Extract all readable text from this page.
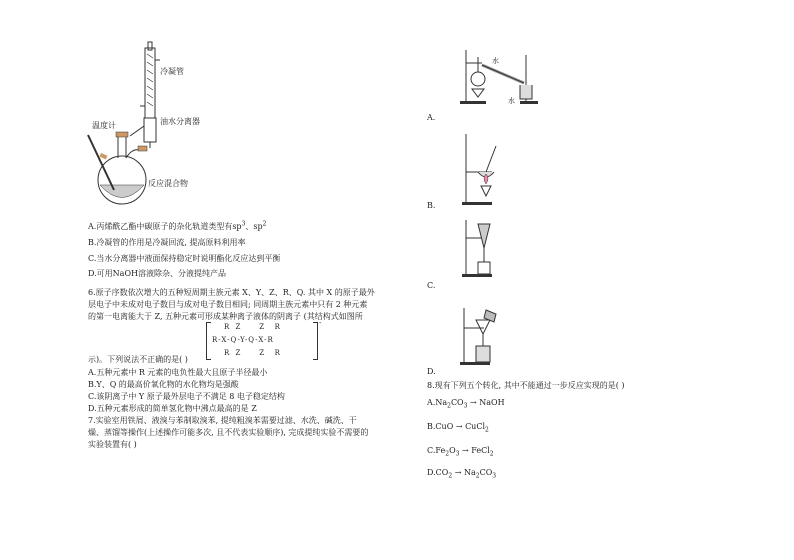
冷凝管
油水分离器
温度计
反应混合物
A.丙烯酰乙酯中碳原子的杂化轨道类型有$sp^3$、$sp^2$
B.冷凝管的作用是冷凝回流, 提高原料利用率
C.当水分离器中液面保持稳定时说明酯化反应达到平衡
D.可用NaOH溶液除杂、分液提纯产品
6.原子序数依次增大的五种短周期主族元素 X、Y、Z、R、Q. 其中 X 的原子最外
层电子中未成对电子数目与成对电子数目相同; 同周期主族元素中只有 2 种元素
的第一电离能大于 Z, 五种元素可形成某种离子液体的阴离子 (其结构式如图所
R Z    Z  R
R-X-Q-Y-Q-X-R
R Z    Z  R
-
示)。下列说法不正确的是( )
A.五种元素中 R 元素的电负性最大且原子半径最小
B.Y、Q 的最高价氧化物的水化物均是强酸
C.该阴离子中 Y 原子最外层电子不满足 8 电子稳定结构
D.五种元素形成的简单氢化物中沸点最高的是 Z
7.实验室用铁屑、液溴与苯制取溴苯, 提纯粗溴苯需要过滤、水洗、碱洗、干
燥、蒸馏等操作(上述操作可能多次, 且不代表实验顺序), 完成提纯实验不需要的
实验装置有( )
水
水
A.
B.
C.
D.
8.现有下列五个转化, 其中不能通过一步反应实现的是( )
$A.Na_2CO_3$ → NaOH
B.CuO → CuCl$_2$
$C.Fe_2O_3$ → FeCl$_2$
$D.CO_2 \to Na_2CO_3$
